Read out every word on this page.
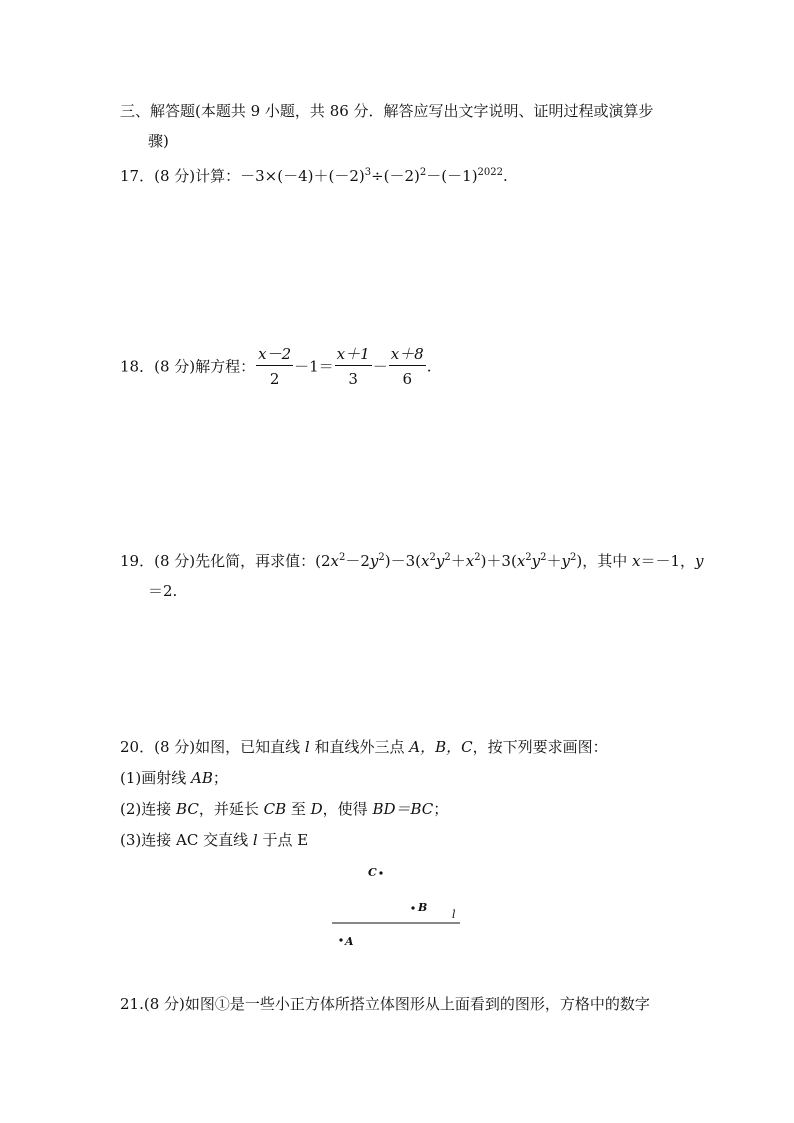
三、解答题(本题共 9 小题，共 86 分．解答应写出文字说明、证明过程或演算步
骤)
17．(8 分)计算：$-3\times(-4)+(-2)^3\div(-2)^2-(-1)^{2022}$.
18．(8 分)解方程： $\frac{x-2}{2} -1= \frac{x+1}{3} - \frac{x+8}{6}$ .
19．(8 分)先化简，再求值：$(2x^2-2y^2)-3(x^2y^2+x^2)+3(x^2y^2+y^2)$，其中 x＝－1，y
＝2.
20．(8 分)如图，已知直线 l 和直线外三点 A，B，C，按下列要求画图：
(1)画射线 AB；
(2)连接 BC，并延长 CB 至 D，使得 BD＝BC；
(3)连接 AC 交直线 l 于点 E
C
B
A
l
21.(8 分)如图①是一些小正方体所搭立体图形从上面看到的图形，方格中的数字
